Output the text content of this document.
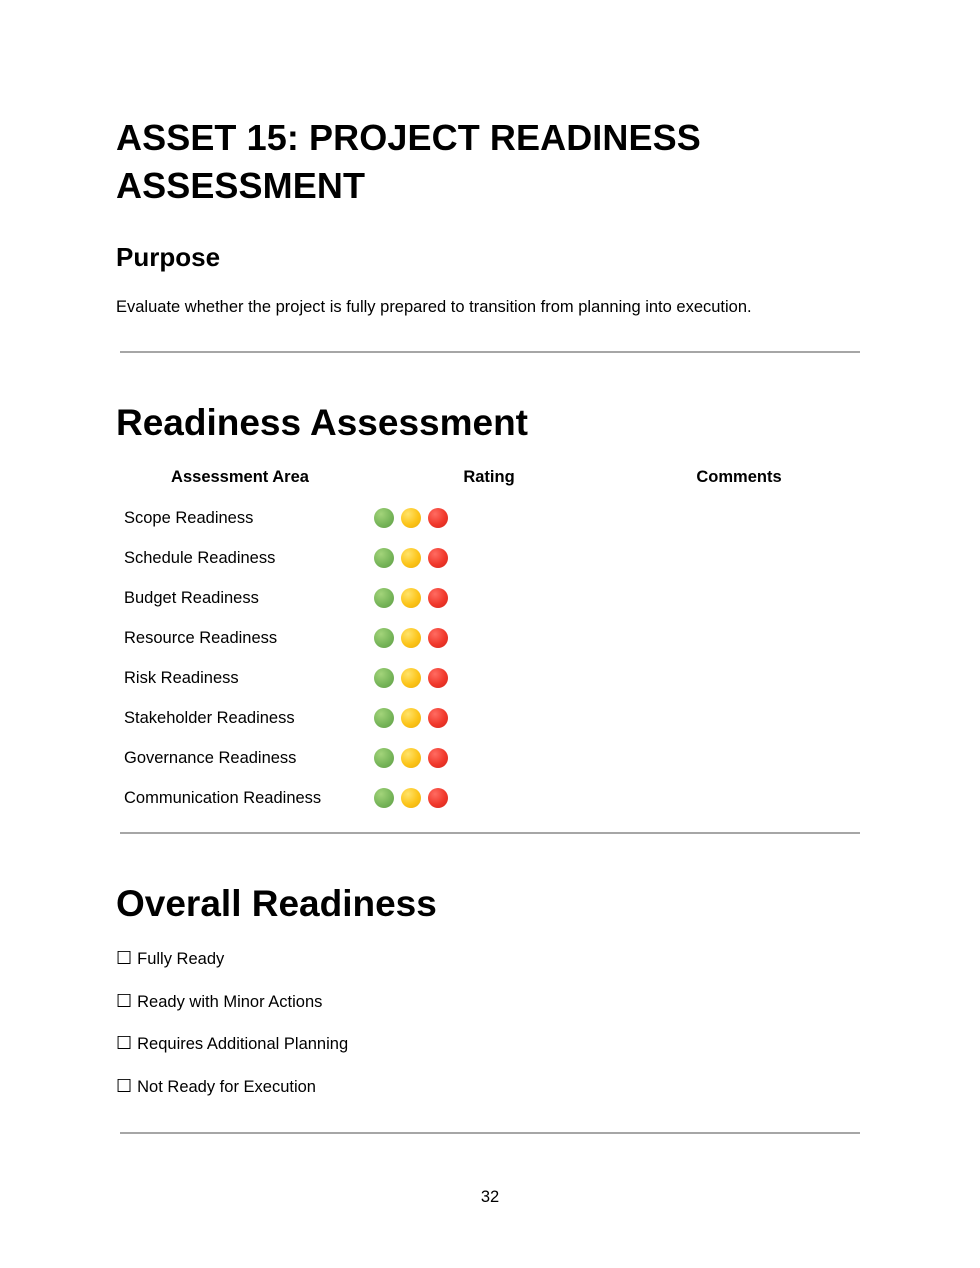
ASSET 15: PROJECT READINESS ASSESSMENT
Purpose

Evaluate whether the project is fully prepared to transition from planning into execution.

Readiness Assessment
Assessment Area	Rating	Comments
Scope Readiness
Schedule Readiness
Budget Readiness
Resource Readiness
Risk Readiness
Stakeholder Readiness
Governance Readiness
Communication Readiness
Overall Readiness
☐ Fully Ready
☐ Ready with Minor Actions
☐ Requires Additional Planning
☐ Not Ready for Execution
32
